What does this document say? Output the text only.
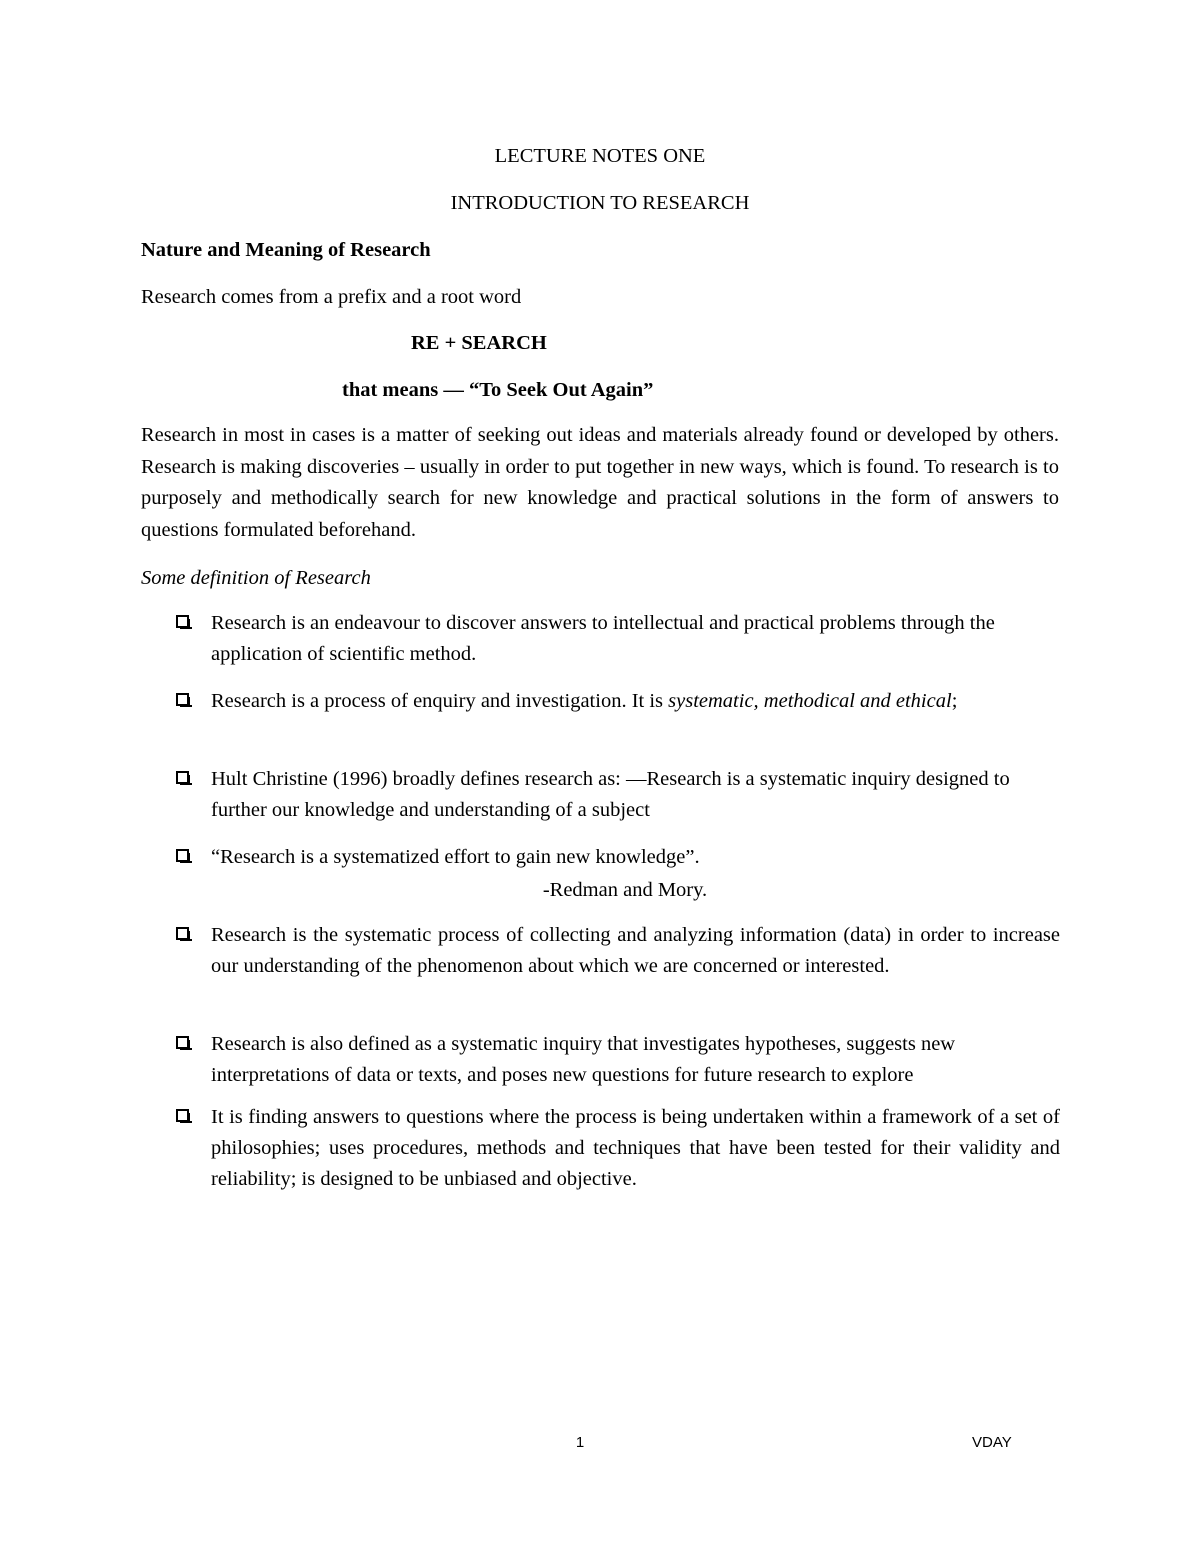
LECTURE NOTES ONE
INTRODUCTION TO RESEARCH
Nature and Meaning of Research
Research comes from a prefix and a root word
RE + SEARCH
that means — “To Seek Out Again”
Research in most in cases is a matter of seeking out ideas and materials already found or developed by others. Research is making discoveries – usually in order to put together in new ways, which is found. To research is to purposely and methodically search for new knowledge and practical solutions in the form of answers to questions formulated beforehand.
Some definition of Research
Research is an endeavour to discover answers to intellectual and practical problems through the application of scientific method.
Research is a process of enquiry and investigation. It is systematic, methodical and ethical;
Hult Christine (1996) broadly defines research as: ―Research is a systematic inquiry designed to further our knowledge and understanding of a subject
“Research is a systematized effort to gain new knowledge”.
-Redman and Mory.
Research is the systematic process of collecting and analyzing information (data) in order to increase our understanding of the phenomenon about which we are concerned or interested.
Research is also defined as a systematic inquiry that investigates hypotheses, suggests new interpretations of data or texts, and poses new questions for future research to explore
It is finding answers to questions where the process is being undertaken within a framework of a set of philosophies; uses procedures, methods and techniques that have been tested for their validity and reliability; is designed to be unbiased and objective.
1	VDAY
